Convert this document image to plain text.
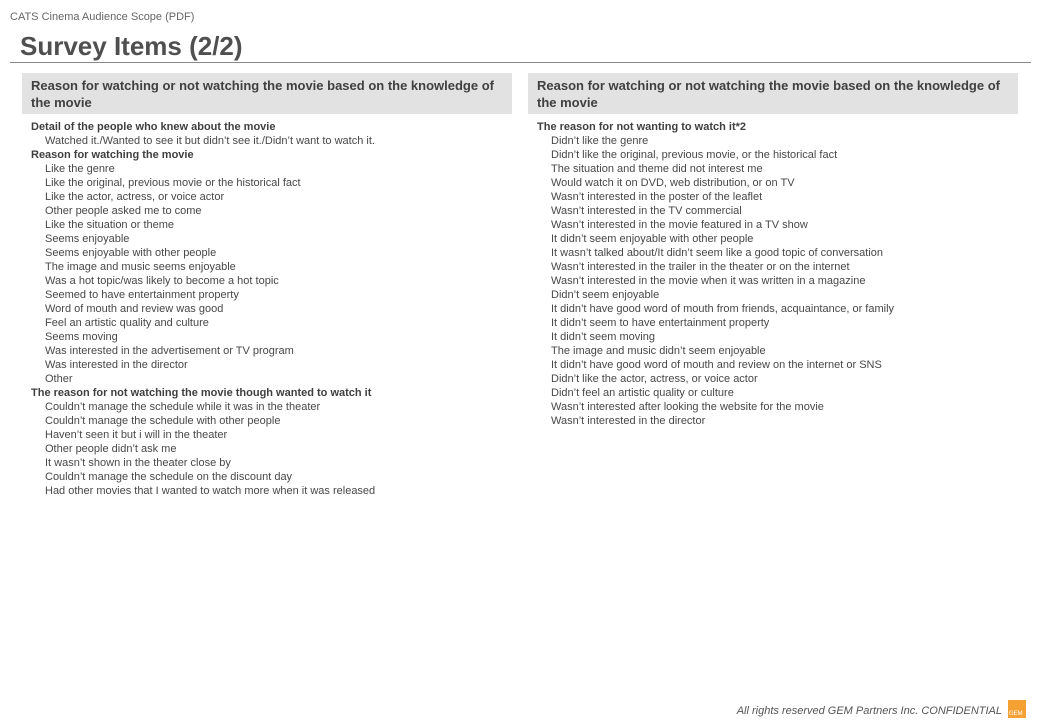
CATS Cinema Audience Scope (PDF)
Survey Items (2/2)
Reason for watching or not watching the movie based on the knowledge of the movie
Detail of the people who knew about the movie
Watched it./Wanted to see it but didn’t see it./Didn’t want to watch it.
Reason for watching the movie
Like the genre
Like the original, previous movie or the historical fact
Like the actor, actress, or voice actor
Other people asked me to come
Like the situation or theme
Seems enjoyable
Seems enjoyable with other people
The image and music seems enjoyable
Was a hot topic/was likely to become a hot topic
Seemed to have entertainment property
Word of mouth and review was good
Feel an artistic quality and culture
Seems moving
Was interested in the advertisement or TV program
Was interested in the director
Other
The reason for not watching the movie though wanted to watch it
Couldn’t manage the schedule while it was in the theater
Couldn’t manage the schedule with other people
Haven’t seen it but i will in the theater
Other people didn’t ask me
It wasn’t shown in the theater close by
Couldn’t manage the schedule on the discount day
Had other movies that I wanted to watch more when it was released
Reason for watching or not watching the movie based on the knowledge of the movie
The reason for not wanting to watch it*2
Didn’t like the genre
Didn’t like the original, previous movie, or the historical fact
The situation and theme did not interest me
Would watch it on DVD, web distribution, or on TV
Wasn’t interested in the poster of the leaflet
Wasn’t interested in the TV commercial
Wasn’t interested in the movie featured in a TV show
It didn’t seem enjoyable with other people
It wasn’t talked about/It didn’t seem like a good topic of conversation
Wasn’t interested in the trailer in the theater or on the internet
Wasn’t interested in the movie when it was written in a magazine
Didn’t seem enjoyable
It didn’t have good word of mouth from friends, acquaintance, or family
It didn’t seem to have entertainment property
It didn’t seem moving
The image and music didn’t seem enjoyable
It didn’t have good word of mouth and review on the internet or SNS
Didn’t like the actor, actress, or voice actor
Didn’t feel an artistic quality or culture
Wasn’t interested after looking the website for the movie
Wasn’t interested in the director
All rights reserved GEM Partners Inc. CONFIDENTIAL GEM
